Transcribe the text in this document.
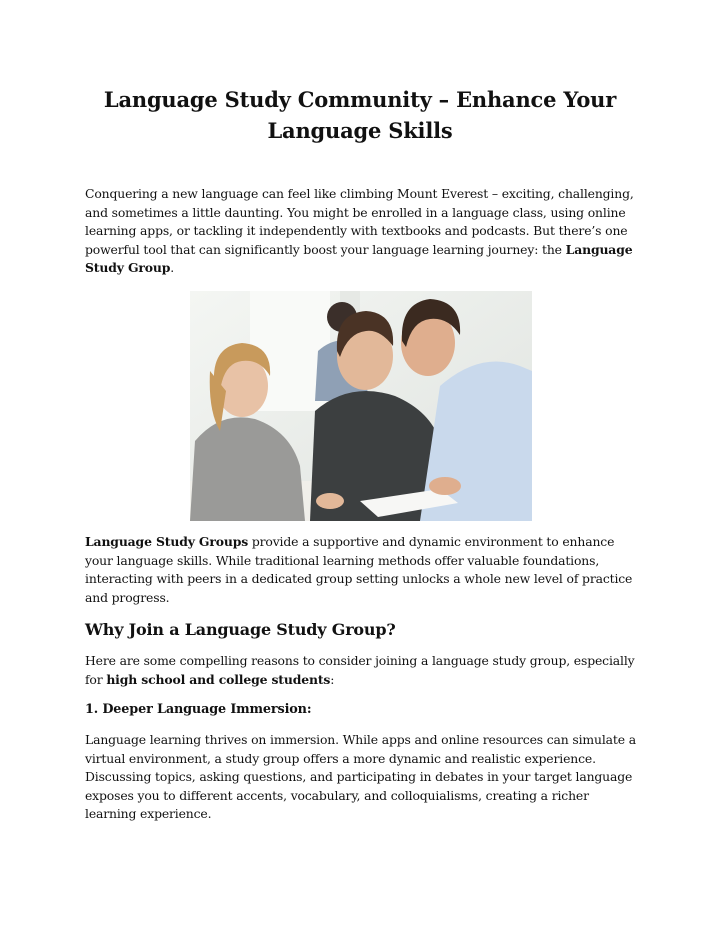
Language Study Community – Enhance Your Language Skills

Conquering a new language can feel like climbing Mount Everest – exciting, challenging, and sometimes a little daunting. You might be enrolled in a language class, using online learning apps, or tackling it independently with textbooks and podcasts. But there’s one powerful tool that can significantly boost your language learning journey: the Language Study Group.

Language Study Groups provide a supportive and dynamic environment to enhance your language skills. While traditional learning methods offer valuable foundations, interacting with peers in a dedicated group setting unlocks a whole new level of practice and progress.

Why Join a Language Study Group?

Here are some compelling reasons to consider joining a language study group, especially for high school and college students:

1. Deeper Language Immersion:

Language learning thrives on immersion. While apps and online resources can simulate a virtual environment, a study group offers a more dynamic and realistic experience. Discussing topics, asking questions, and participating in debates in your target language exposes you to different accents, vocabulary, and colloquialisms, creating a richer learning experience.
